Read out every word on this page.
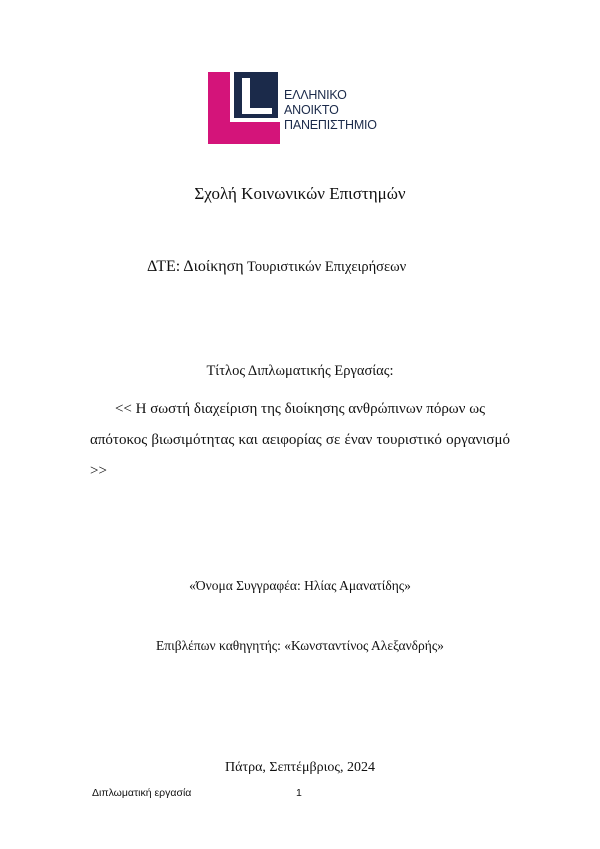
ΕΛΛΗΝΙΚΟ
ΑΝΟΙΚΤΟ
ΠΑΝΕΠΙΣΤΗΜΙΟ
Σχολή Κοινωνικών Επιστημών
ΔΤΕ: Διοίκηση Τουριστικών Επιχειρήσεων
Τίτλος Διπλωματικής Εργασίας:
<< Η σωστή διαχείριση της διοίκησης ανθρώπινων πόρων ως
απότοκος βιωσιμότητας και αειφορίας σε έναν τουριστικό οργανισμό >>
«Όνομα Συγγραφέα: Ηλίας Αμανατίδης»
Επιβλέπων καθηγητής: «Κωνσταντίνος Αλεξανδρής»
Πάτρα, Σεπτέμβριος, 2024
Διπλωματική εργασία	1
